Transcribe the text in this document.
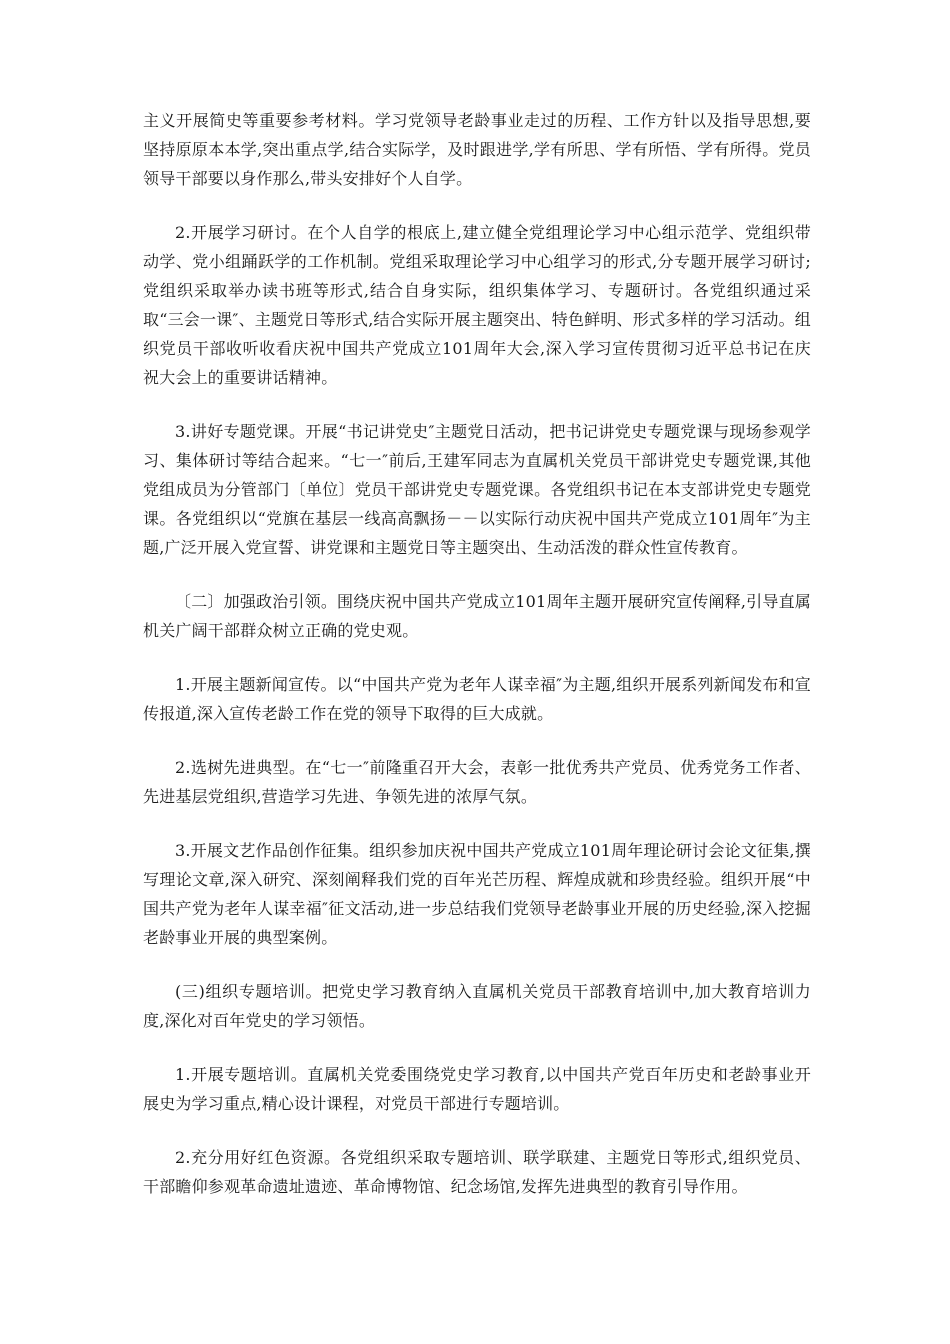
主义开展简史等重要参考材料。学习党领导老龄事业走过的历程、工作方针以及指导思想,要坚持原原本本学,突出重点学,结合实际学，及时跟进学,学有所思、学有所悟、学有所得。党员领导干部要以身作那么,带头安排好个人自学。

2.开展学习研讨。在个人自学的根底上,建立健全党组理论学习中心组示范学、党组织带动学、党小组踊跃学的工作机制。党组采取理论学习中心组学习的形式,分专题开展学习研讨;党组织采取举办读书班等形式,结合自身实际，组织集体学习、专题研讨。各党组织通过采取“三会一课″、主题党日等形式,结合实际开展主题突出、特色鲜明、形式多样的学习活动。组织党员干部收听收看庆祝中国共产党成立101周年大会,深入学习宣传贯彻习近平总书记在庆祝大会上的重要讲话精神。

3.讲好专题党课。开展“书记讲党史″主题党日活动，把书记讲党史专题党课与现场参观学习、集体研讨等结合起来。“七一″前后,王建军同志为直属机关党员干部讲党史专题党课,其他党组成员为分管部门〔单位〕党员干部讲党史专题党课。各党组织书记在本支部讲党史专题党课。各党组织以“党旗在基层一线高高飘扬－－以实际行动庆祝中国共产党成立101周年″为主题,广泛开展入党宣誓、讲党课和主题党日等主题突出、生动活泼的群众性宣传教育。

〔二〕加强政治引领。围绕庆祝中国共产党成立101周年主题开展研究宣传阐释,引导直属机关广阔干部群众树立正确的党史观。

1.开展主题新闻宣传。以“中国共产党为老年人谋幸福″为主题,组织开展系列新闻发布和宣传报道,深入宣传老龄工作在党的领导下取得的巨大成就。

2.选树先进典型。在“七一″前隆重召开大会，表彰一批优秀共产党员、优秀党务工作者、先进基层党组织,营造学习先进、争领先进的浓厚气氛。

3.开展文艺作品创作征集。组织参加庆祝中国共产党成立101周年理论研讨会论文征集,撰写理论文章,深入研究、深刻阐释我们党的百年光芒历程、辉煌成就和珍贵经验。组织开展“中国共产党为老年人谋幸福″征文活动,进一步总结我们党领导老龄事业开展的历史经验,深入挖掘老龄事业开展的典型案例。

(三)组织专题培训。把党史学习教育纳入直属机关党员干部教育培训中,加大教育培训力度,深化对百年党史的学习领悟。

1.开展专题培训。直属机关党委围绕党史学习教育,以中国共产党百年历史和老龄事业开展史为学习重点,精心设计课程，对党员干部进行专题培训。

2.充分用好红色资源。各党组织采取专题培训、联学联建、主题党日等形式,组织党员、干部瞻仰参观革命遗址遗迹、革命博物馆、纪念场馆,发挥先进典型的教育引导作用。
